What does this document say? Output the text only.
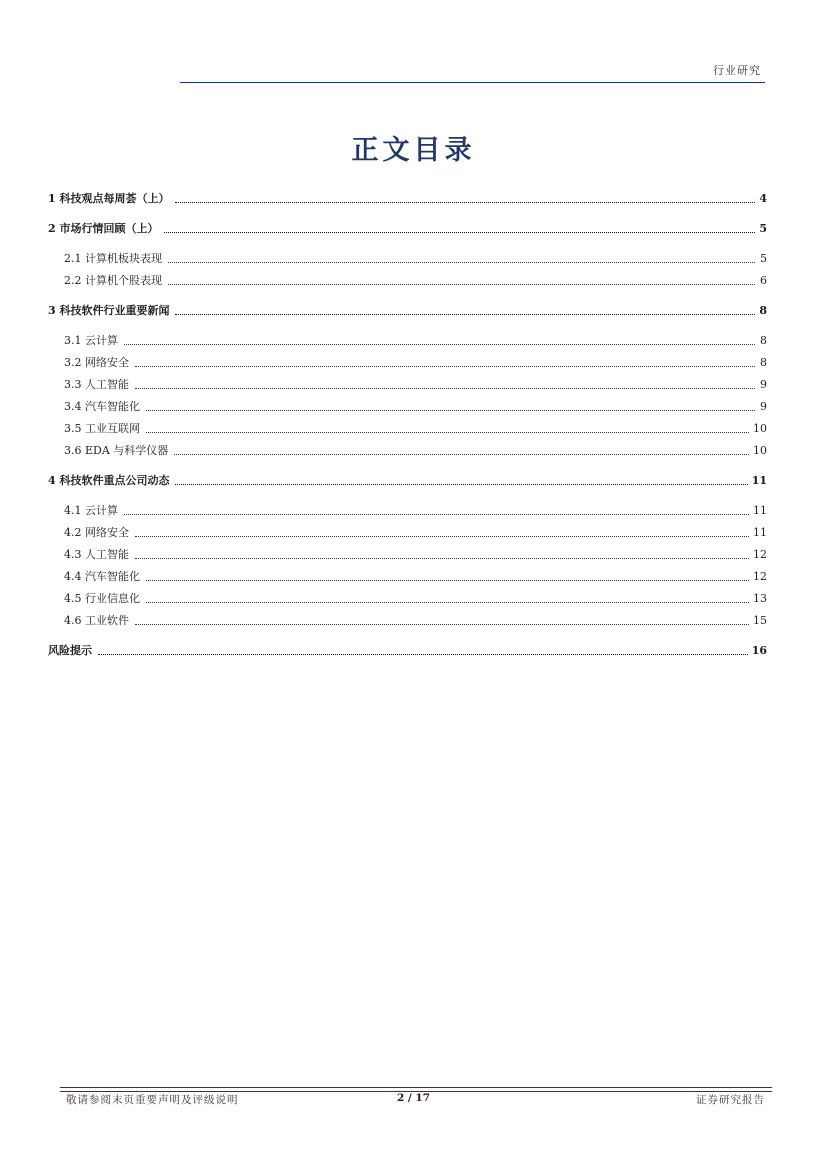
行业研究
正文目录
1 科技观点每周荟（上）	4
2 市场行情回顾（上）	5
2.1 计算机板块表现	5
2.2 计算机个股表现	6
3 科技软件行业重要新闻	8
3.1 云计算	8
3.2 网络安全	8
3.3 人工智能	9
3.4 汽车智能化	9
3.5 工业互联网	10
3.6 EDA 与科学仪器	10
4 科技软件重点公司动态	11
4.1 云计算	11
4.2 网络安全	11
4.3 人工智能	12
4.4 汽车智能化	12
4.5 行业信息化	13
4.6 工业软件	15
风险提示	16
敬请参阅末页重要声明及评级说明	2 / 17	证券研究报告
